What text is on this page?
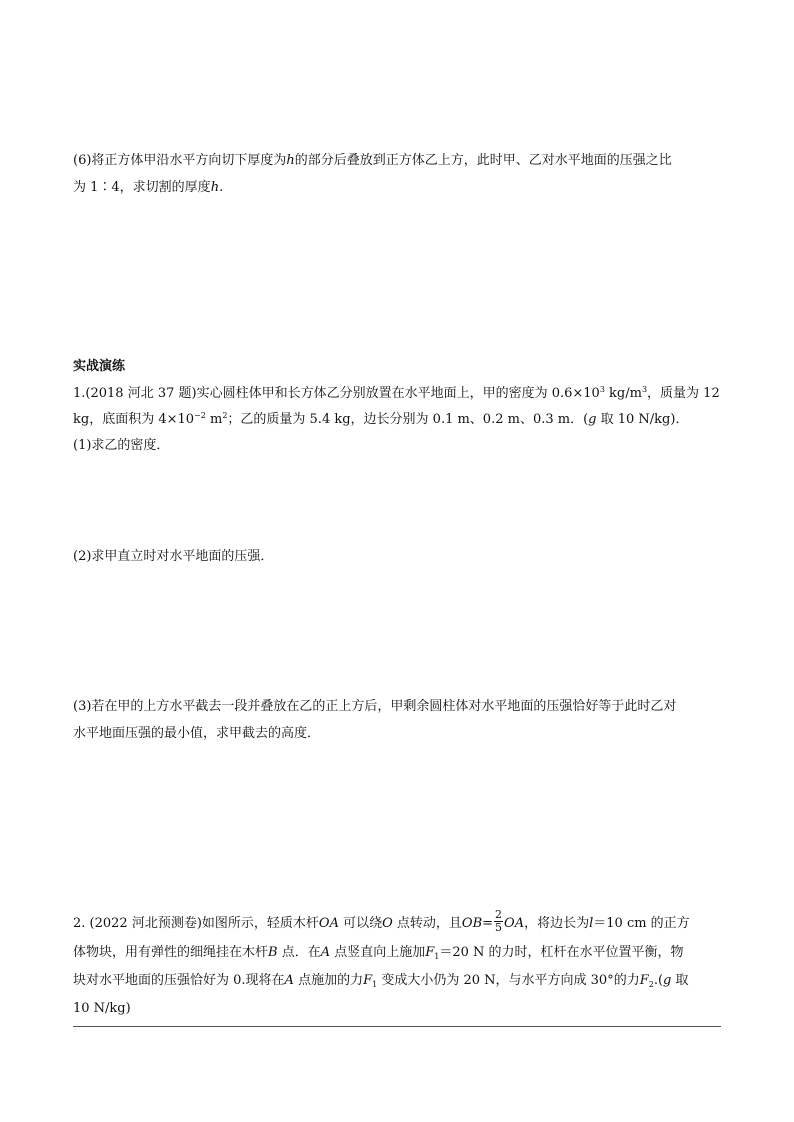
(6)将正方体甲沿水平方向切下厚度为h的部分后叠放到正方体乙上方，此时甲、乙对水平地面的压强之比
为 1∶4，求切割的厚度h.
实战演练
1.(2018 河北 37 题)实心圆柱体甲和长方体乙分别放置在水平地面上，甲的密度为 $0.6\times 10^3$ $kg/m^3$，质量为 12
kg，底面积为 $4\times 10^{-2}$ $m^2$；乙的质量为 5.4 kg，边长分别为 0.1 m、0.2 m、0.3 m．(g 取 10 N/kg)．
(1)求乙的密度．
(2)求甲直立时对水平地面的压强．
(3)若在甲的上方水平截去一段并叠放在乙的正上方后，甲剩余圆柱体对水平地面的压强恰好等于此时乙对
水平地面压强的最小值，求甲截去的高度．
2. (2022 河北预测卷)如图所示，轻质木杆OA 可以绕O 点转动，且$OB= \frac{2}{5}$ OA，将边长为l＝10 cm 的正方
体物块，用有弹性的细绳挂在木杆B 点．在A 点竖直向上施加$F_1=20$ N 的力时，杠杆在水平位置平衡，物
块对水平地面的压强恰好为 0.现将在A 点施加的力$F_1$ 变成大小仍为 20 N，与水平方向成 30°的力$F_2.(g$ 取
10 N/kg)
